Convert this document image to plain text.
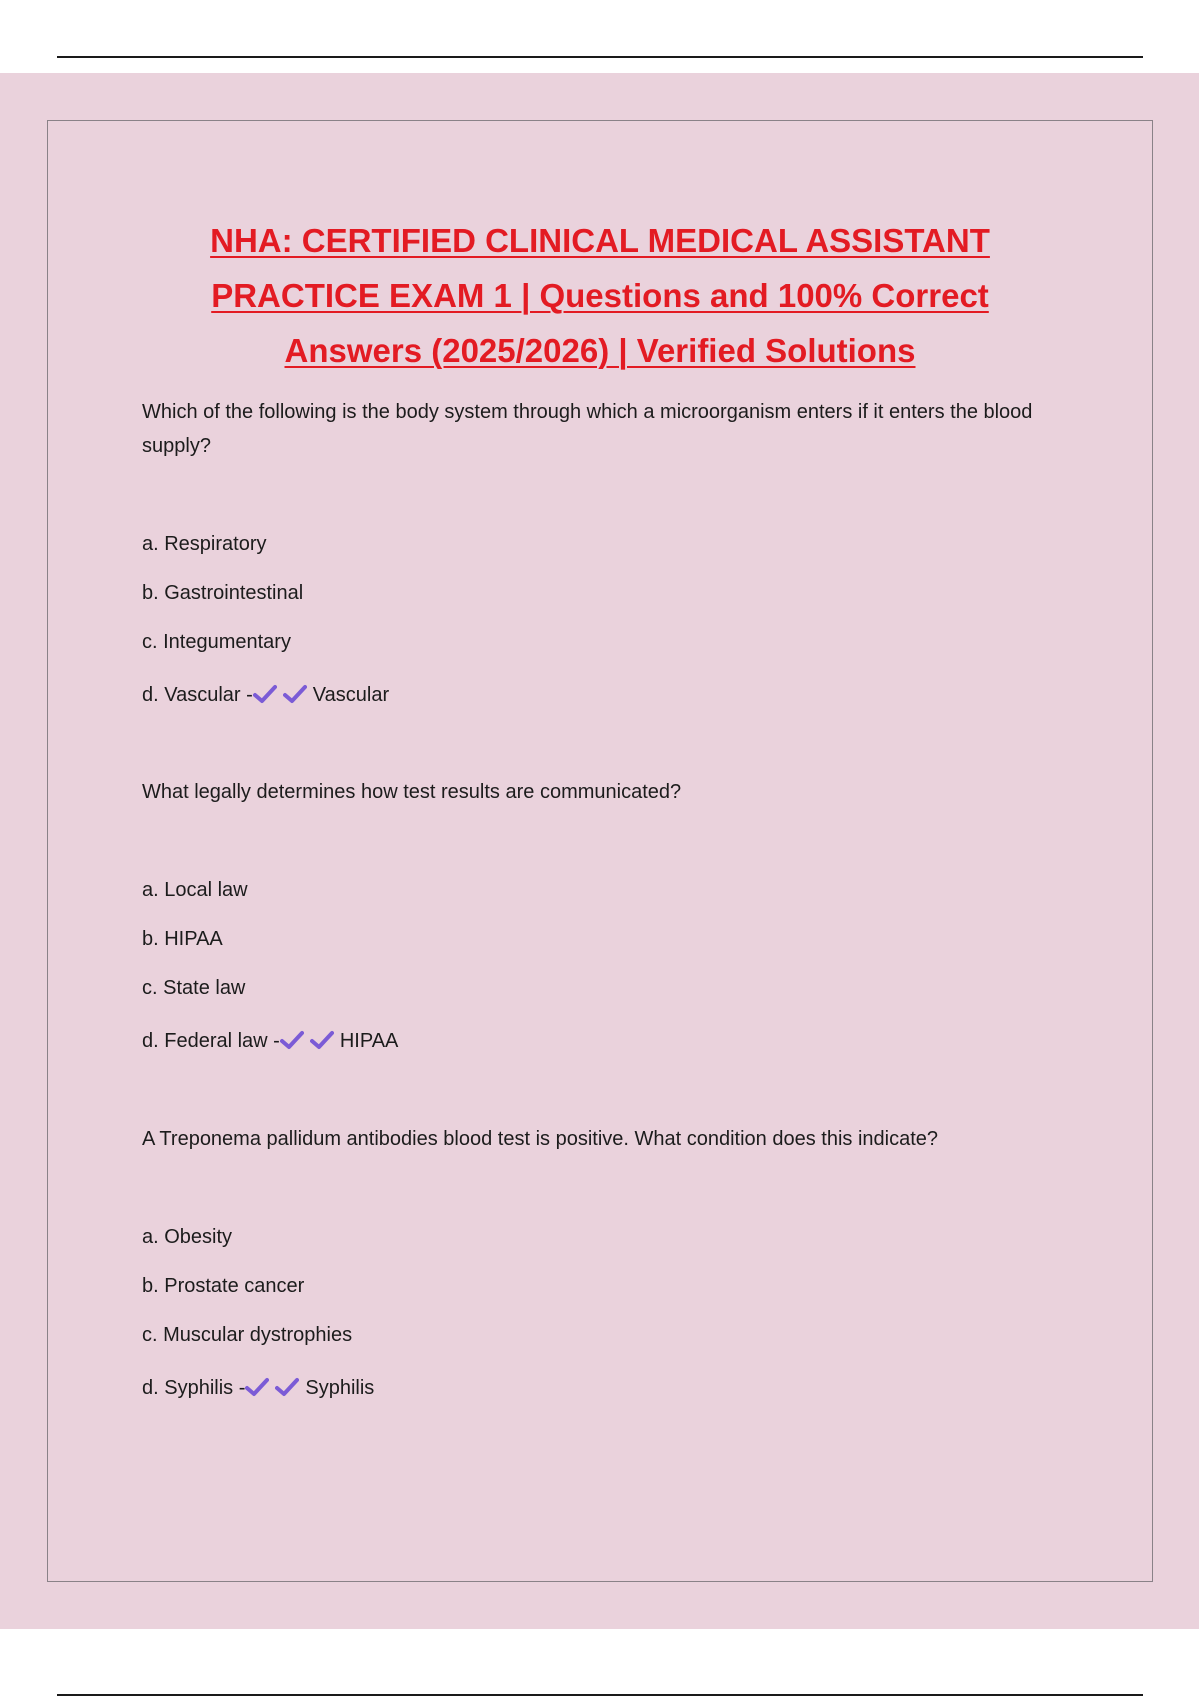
NHA: CERTIFIED CLINICAL MEDICAL ASSISTANT
PRACTICE EXAM 1 | Questions and 100% Correct
Answers (2025/2026) | Verified Solutions

Which of the following is the body system through which a microorganism enters if it enters the blood supply?

a. Respiratory
b. Gastrointestinal
c. Integumentary
d. Vascular -	Vascular

What legally determines how test results are communicated?

a. Local law
b. HIPAA
c. State law
d. Federal law -	HIPAA

A Treponema pallidum antibodies blood test is positive. What condition does this indicate?

a. Obesity
b. Prostate cancer
c. Muscular dystrophies
d. Syphilis -	Syphilis
